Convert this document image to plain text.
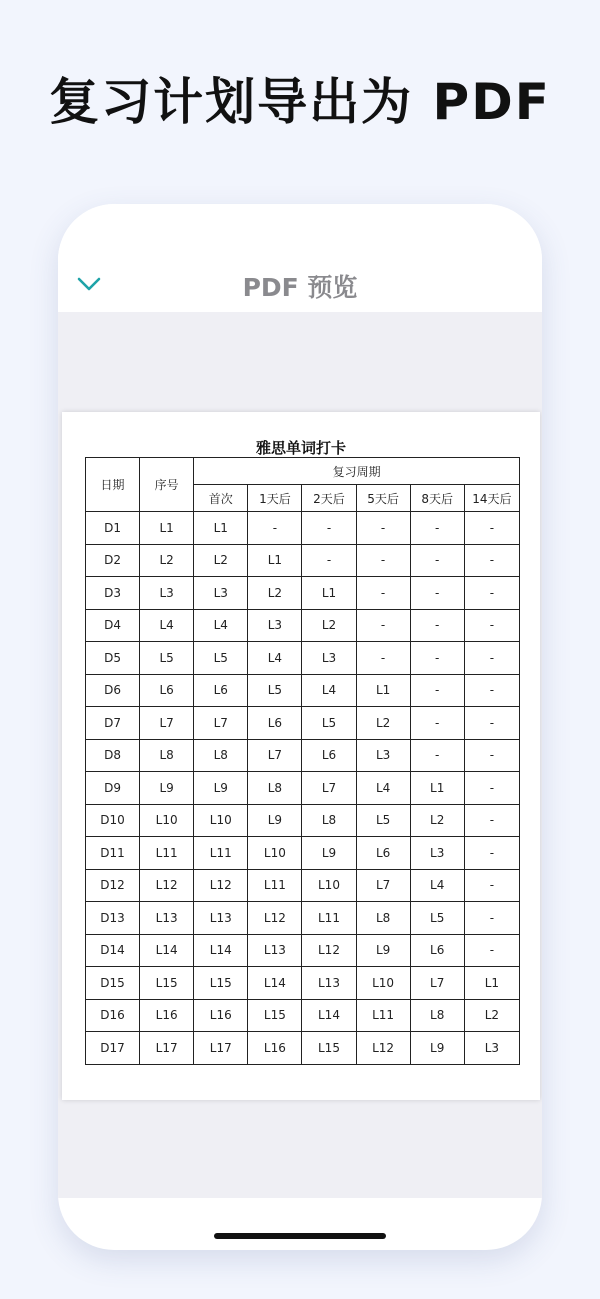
复习计划导出为 PDF
PDF 预览
雅思单词打卡
日期	序号	复习周期					
		首次	1天后	2天后	5天后	8天后	14天后
D1	L1	L1	-	-	-	-	-
D2	L2	L2	L1	-	-	-	-
D3	L3	L3	L2	L1	-	-	-
D4	L4	L4	L3	L2	-	-	-
D5	L5	L5	L4	L3	-	-	-
D6	L6	L6	L5	L4	L1	-	-
D7	L7	L7	L6	L5	L2	-	-
D8	L8	L8	L7	L6	L3	-	-
D9	L9	L9	L8	L7	L4	L1	-
D10	L10	L10	L9	L8	L5	L2	-
D11	L11	L11	L10	L9	L6	L3	-
D12	L12	L12	L11	L10	L7	L4	-
D13	L13	L13	L12	L11	L8	L5	-
D14	L14	L14	L13	L12	L9	L6	-
D15	L15	L15	L14	L13	L10	L7	L1
D16	L16	L16	L15	L14	L11	L8	L2
D17	L17	L17	L16	L15	L12	L9	L3
